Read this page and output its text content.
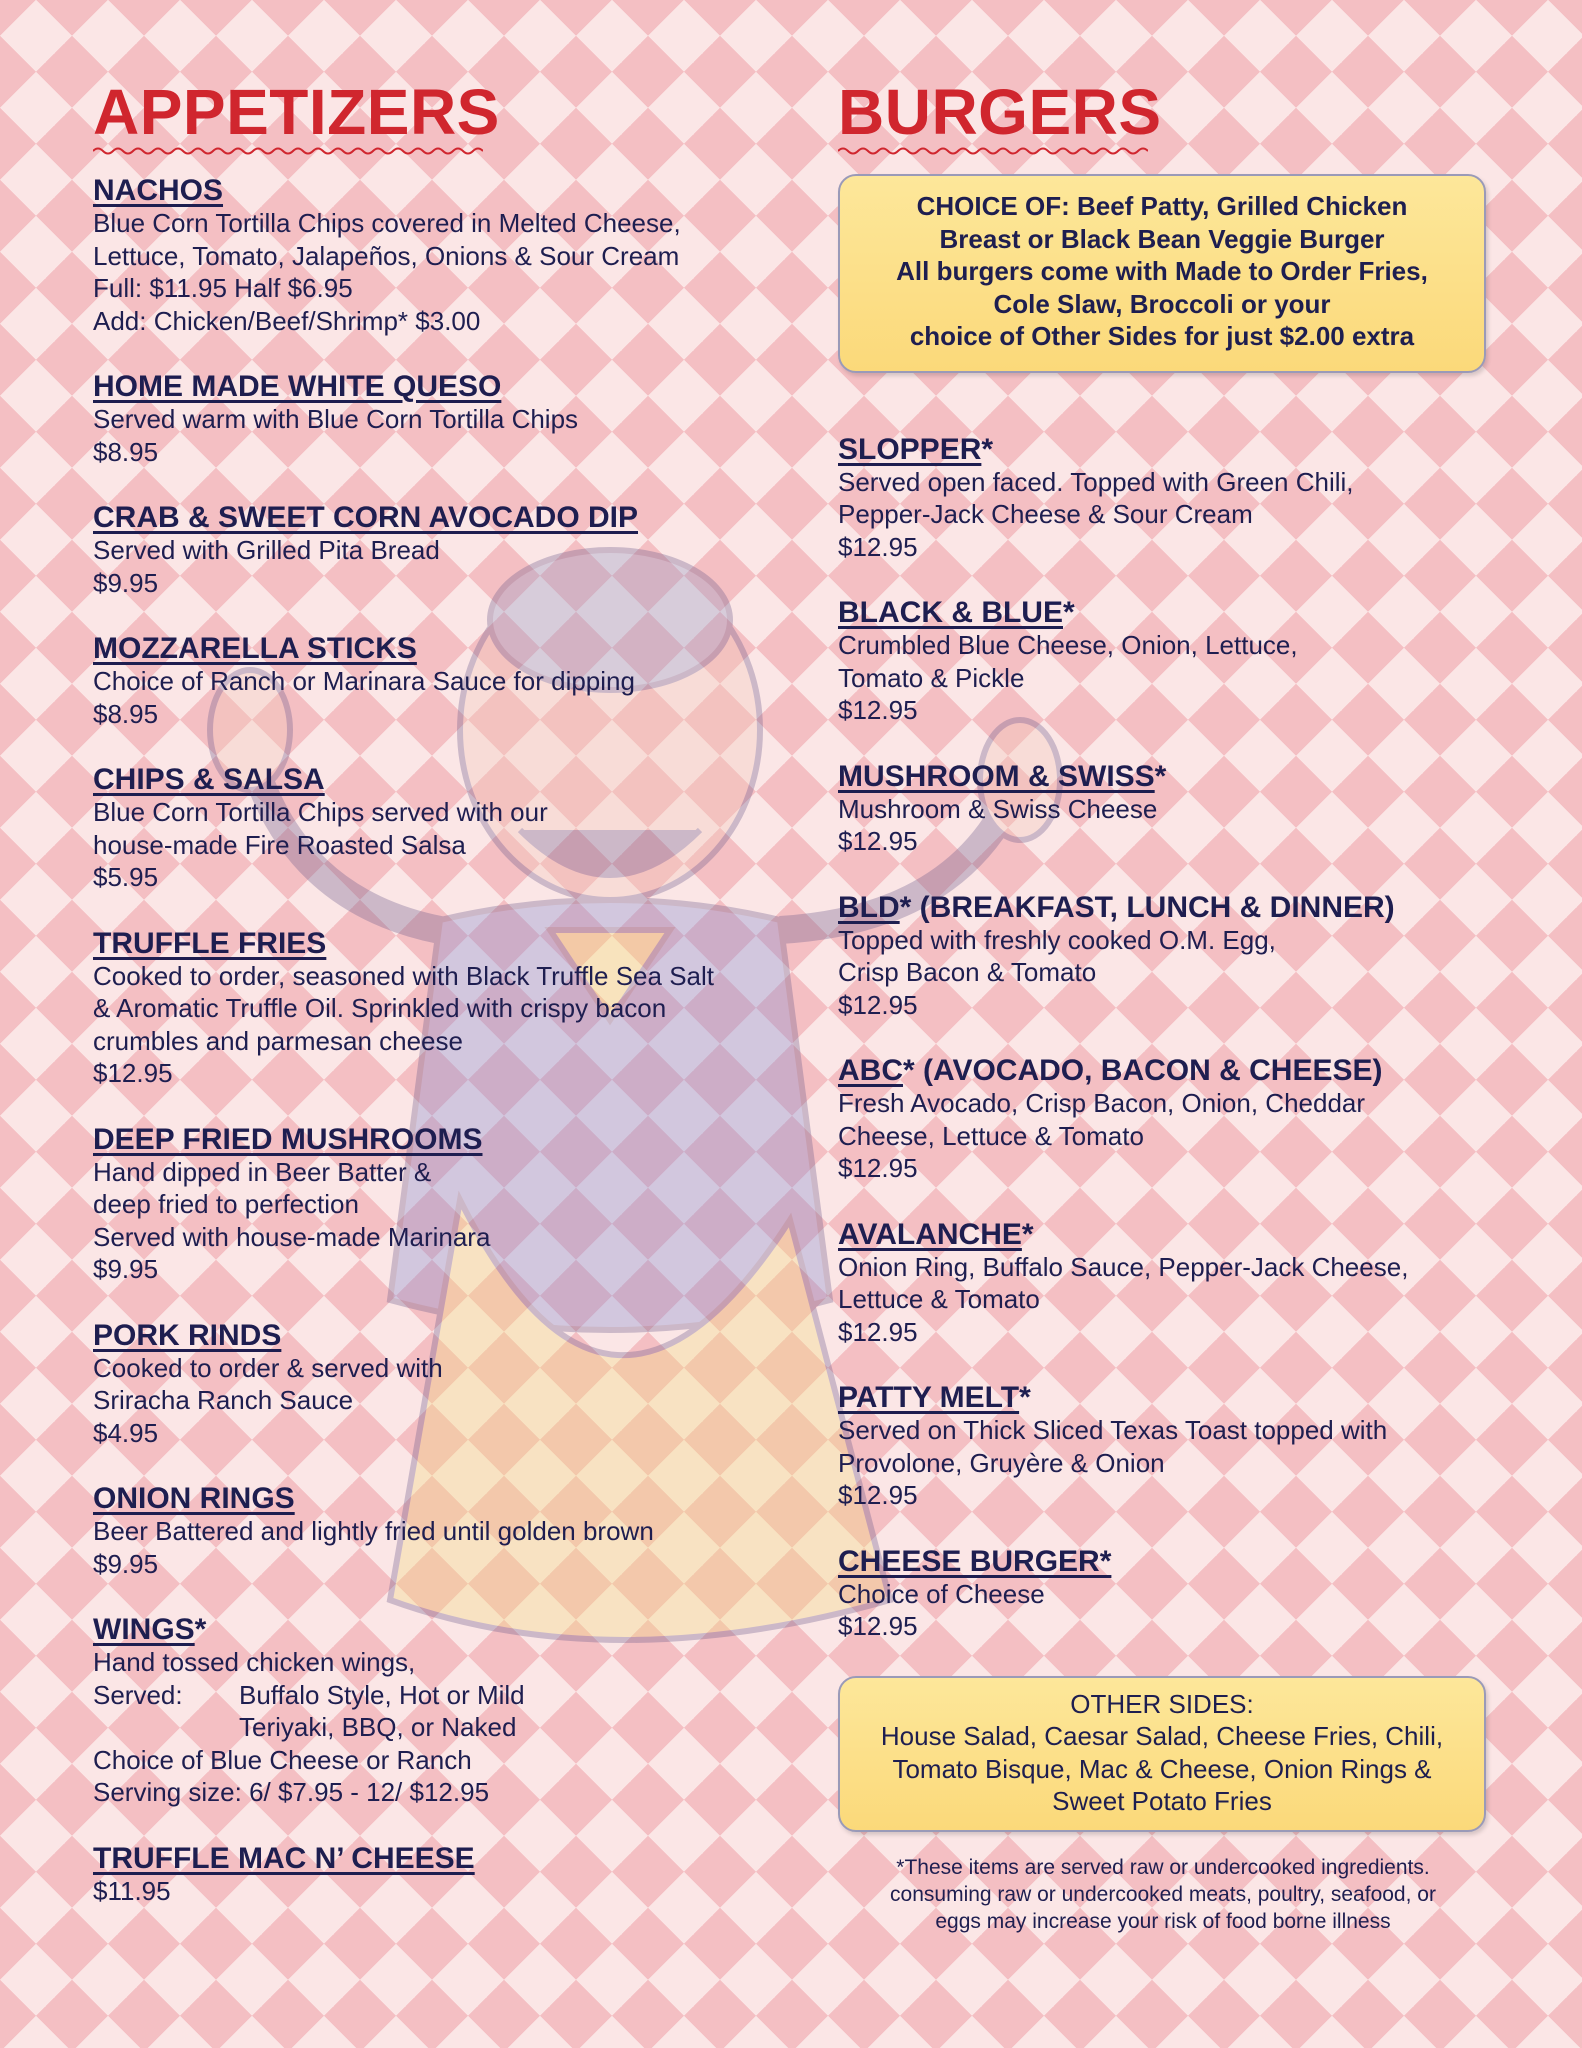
APPETIZERS
NACHOS
Blue Corn Tortilla Chips covered in Melted Cheese,
Lettuce, Tomato, Jalapeños, Onions & Sour Cream
Full: $11.95 Half $6.95
Add: Chicken/Beef/Shrimp* $3.00
HOME MADE WHITE QUESO
Served warm with Blue Corn Tortilla Chips
$8.95
CRAB & SWEET CORN AVOCADO DIP
Served with Grilled Pita Bread
$9.95
MOZZARELLA STICKS
Choice of Ranch or Marinara Sauce for dipping
$8.95
CHIPS & SALSA
Blue Corn Tortilla Chips served with our
house-made Fire Roasted Salsa
$5.95
TRUFFLE FRIES
Cooked to order, seasoned with Black Truffle Sea Salt
& Aromatic Truffle Oil. Sprinkled with crispy bacon
crumbles and parmesan cheese
$12.95
DEEP FRIED MUSHROOMS
Hand dipped in Beer Batter &
deep fried to perfection
Served with house-made Marinara
$9.95
PORK RINDS
Cooked to order & served with
Sriracha Ranch Sauce
$4.95
ONION RINGS
Beer Battered and lightly fried until golden brown
$9.95
WINGS*
Hand tossed chicken wings,
Served:	Buffalo Style, Hot or Mild
Teriyaki, BBQ, or Naked
Choice of Blue Cheese or Ranch
Serving size: 6/ $7.95 - 12/ $12.95
TRUFFLE MAC N’ CHEESE
$11.95
BURGERS
CHOICE OF: Beef Patty, Grilled Chicken
Breast or Black Bean Veggie Burger
All burgers come with Made to Order Fries,
Cole Slaw, Broccoli or your
choice of Other Sides for just $2.00 extra
SLOPPER*
Served open faced. Topped with Green Chili,
Pepper-Jack Cheese & Sour Cream
$12.95
BLACK & BLUE*
Crumbled Blue Cheese, Onion, Lettuce,
Tomato & Pickle
$12.95
MUSHROOM & SWISS*
Mushroom & Swiss Cheese
$12.95
BLD* (BREAKFAST, LUNCH & DINNER)
Topped with freshly cooked O.M. Egg,
Crisp Bacon & Tomato
$12.95
ABC* (AVOCADO, BACON & CHEESE)
Fresh Avocado, Crisp Bacon, Onion, Cheddar
Cheese, Lettuce & Tomato
$12.95
AVALANCHE*
Onion Ring, Buffalo Sauce, Pepper-Jack Cheese,
Lettuce & Tomato
$12.95
PATTY MELT*
Served on Thick Sliced Texas Toast topped with
Provolone, Gruyère & Onion
$12.95
CHEESE BURGER*
Choice of Cheese
$12.95
OTHER SIDES:
House Salad, Caesar Salad, Cheese Fries, Chili,
Tomato Bisque, Mac & Cheese, Onion Rings &
Sweet Potato Fries
*These items are served raw or undercooked ingredients.
consuming raw or undercooked meats, poultry, seafood, or
eggs may increase your risk of food borne illness
